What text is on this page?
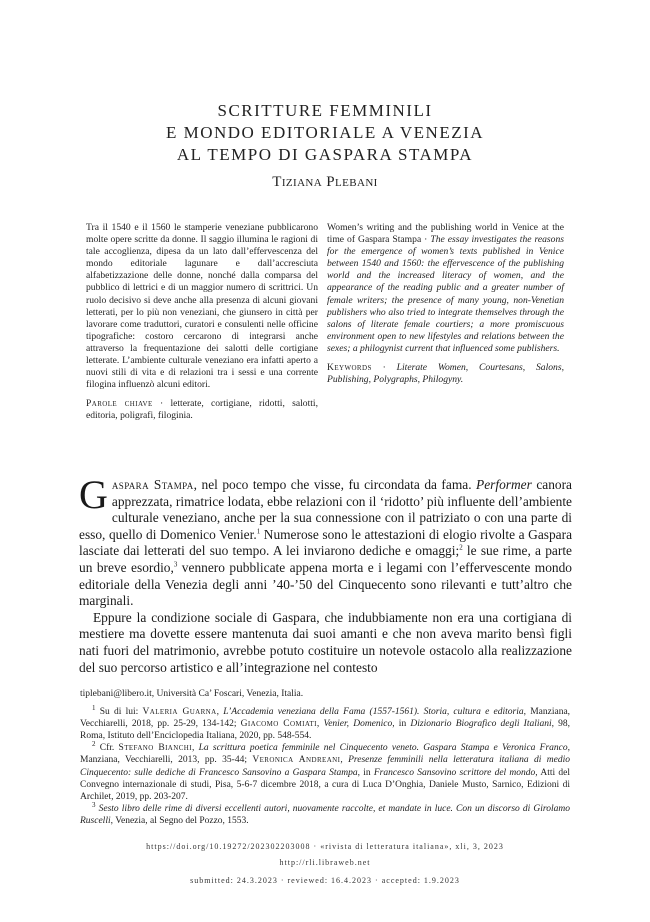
SCRITTURE FEMMINILI
E MONDO EDITORIALE A VENEZIA
AL TEMPO DI GASPARA STAMPA
Tiziana Plebani

Tra il 1540 e il 1560 le stamperie veneziane pubblicarono molte opere scritte da donne. Il saggio illumina le ragioni di tale accoglienza, dipesa da un lato dall’effervescenza del mondo editoriale lagunare e dall’accresciuta alfabetizzazione delle donne, nonché dalla comparsa del pubblico di lettrici e di un maggior numero di scrittrici. Un ruolo decisivo si deve anche alla presenza di alcuni giovani letterati, per lo più non veneziani, che giunsero in città per lavorare come traduttori, curatori e consulenti nelle officine tipografiche: costoro cercarono di integrarsi anche attraverso la frequentazione dei salotti delle cortigiane letterate. L’ambiente culturale veneziano era infatti aperto a nuovi stili di vita e di relazioni tra i sessi e una corrente filogina influenzò alcuni editori.

Parole chiave · letterate, cortigiane, ridotti, salotti, editoria, poligrafi, filoginia.

Women’s writing and the publishing world in Venice at the time of Gaspara Stampa · The essay investigates the reasons for the emergence of women’s texts published in Venice between 1540 and 1560: the effervescence of the publishing world and the increased literacy of women, and the appearance of the reading public and a greater number of female writers; the presence of many young, non-Venetian publishers who also tried to integrate themselves through the salons of literate female courtiers; a more promiscuous environment open to new lifestyles and relations between the sexes; a philogynist current that influenced some publishers.

Keywords · Literate Women, Courtesans, Salons, Publishing, Polygraphs, Philogyny.

Gaspara Stampa, nel poco tempo che visse, fu circondata da fama. Performer canora apprezzata, rimatrice lodata, ebbe relazioni con il ‘ridotto’ più influente dell’ambiente culturale veneziano, anche per la sua connessione con il patriziato o con una parte di esso, quello di Domenico Venier.$^1$ Numerose sono le attestazioni di elogio rivolte a Gaspara lasciate dai letterati del suo tempo. A lei inviarono dediche e omaggi;$^2$ le sue rime, a parte un breve esordio,$^3$ vennero pubblicate appena morta e i legami con l’effervescente mondo editoriale della Venezia degli anni ’40-’50 del Cinquecento sono rilevanti e tutt’altro che marginali.

Eppure la condizione sociale di Gaspara, che indubbiamente non era una cortigiana di mestiere ma dovette essere mantenuta dai suoi amanti e che non aveva marito bensì figli nati fuori del matrimonio, avrebbe potuto costituire un notevole ostacolo alla realizzazione del suo percorso artistico e all’integrazione nel contesto

tiplebani@libero.it, Università Ca’ Foscari, Venezia, Italia.

$^1$ Su di lui: Valeria Guarna, L’Accademia veneziana della Fama (1557-1561). Storia, cultura e editoria, Manziana, Vecchiarelli, 2018, pp. 25-29, 134-142; Giacomo Comiati, Venier, Domenico, in Dizionario Biografico degli Italiani, 98, Roma, Istituto dell’Enciclopedia Italiana, 2020, pp. 548-554.

$^2$ Cfr. Stefano Bianchi, La scrittura poetica femminile nel Cinquecento veneto. Gaspara Stampa e Veronica Franco, Manziana, Vecchiarelli, 2013, pp. 35-44; Veronica Andreani, Presenze femminili nella letteratura italiana di medio Cinquecento: sulle dediche di Francesco Sansovino a Gaspara Stampa, in Francesco Sansovino scrittore del mondo, Atti del Convegno internazionale di studi, Pisa, 5-6-7 dicembre 2018, a cura di Luca D’Onghia, Daniele Musto, Sarnico, Edizioni di Archilet, 2019, pp. 203-207.

$^3$ Sesto libro delle rime di diversi eccellenti autori, nuovamente raccolte, et mandate in luce. Con un discorso di Girolamo Ruscelli, Venezia, al Segno del Pozzo, 1553.

https://doi.org/10.19272/202302203008 · «rivista di letteratura italiana», xli, 3, 2023
http://rli.libraweb.net
submitted: 24.3.2023 · reviewed: 16.4.2023 · accepted: 1.9.2023
